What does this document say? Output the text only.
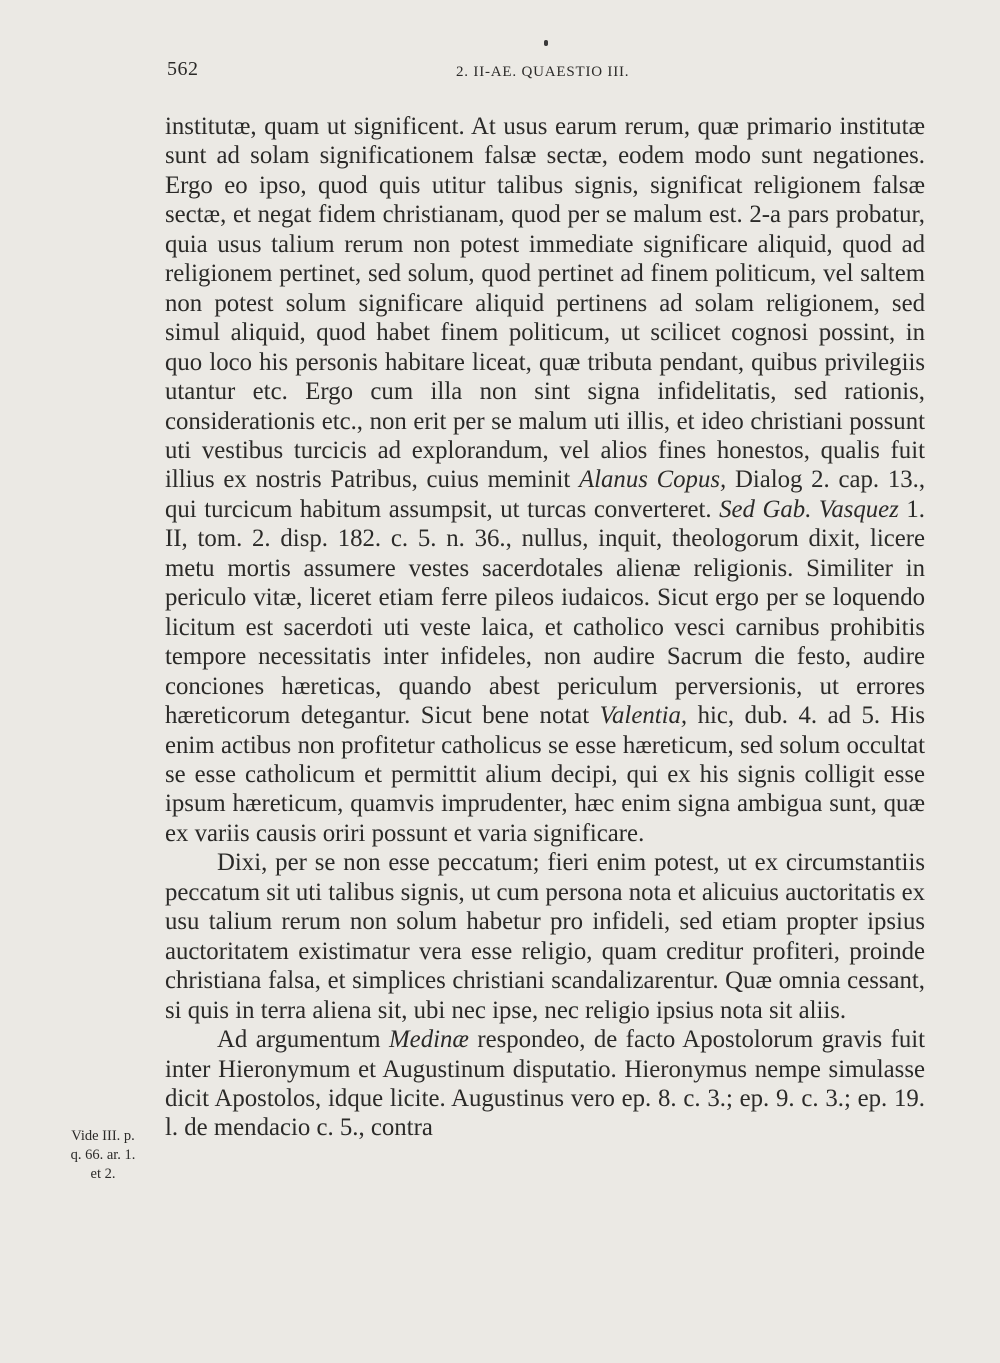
562	2. II-AE. QUAESTIO III.

institutæ, quam ut significent. At usus earum rerum, quæ primario institutæ sunt ad solam significationem falsæ sectæ, eodem modo sunt negationes. Ergo eo ipso, quod quis utitur talibus signis, significat religionem falsæ sectæ, et negat fidem christianam, quod per se malum est. 2-a pars probatur, quia usus talium rerum non potest immediate significare aliquid, quod ad religionem pertinet, sed solum, quod pertinet ad finem politicum, vel saltem non potest solum significare aliquid pertinens ad solam religionem, sed simul aliquid, quod habet finem politicum, ut scilicet cognosi possint, in quo loco his personis habitare liceat, quæ tributa pendant, quibus privilegiis utantur etc. Ergo cum illa non sint signa infidelitatis, sed rationis, considerationis etc., non erit per se malum uti illis, et ideo christiani possunt uti vestibus turcicis ad explorandum, vel alios fines honestos, qualis fuit illius ex nostris Patribus, cuius meminit Alanus Copus, Dialog 2. cap. 13., qui turcicum habitum assumpsit, ut turcas converteret. Sed Gab. Vasquez 1. II, tom. 2. disp. 182. c. 5. n. 36., nullus, inquit, theologorum dixit, licere metu mortis assumere vestes sacerdotales alienæ religionis. Similiter in periculo vitæ, liceret etiam ferre pileos iudaicos. Sicut ergo per se loquendo licitum est sacerdoti uti veste laica, et catholico vesci carnibus prohibitis tempore necessitatis inter infideles, non audire Sacrum die festo, audire conciones hæreticas, quando abest periculum perversionis, ut errores hæreticorum detegantur. Sicut bene notat Valentia, hic, dub. 4. ad 5. His enim actibus non profitetur catholicus se esse hæreticum, sed solum occultat se esse catholicum et permittit alium decipi, qui ex his signis colligit esse ipsum hæreticum, quamvis imprudenter, hæc enim signa ambigua sunt, quæ ex variis causis oriri possunt et varia significare.

Dixi, per se non esse peccatum; fieri enim potest, ut ex circumstantiis peccatum sit uti talibus signis, ut cum persona nota et alicuius auctoritatis ex usu talium rerum non solum habetur pro infideli, sed etiam propter ipsius auctoritatem existimatur vera esse religio, quam creditur profiteri, proinde christiana falsa, et simplices christiani scandalizarentur. Quæ omnia cessant, si quis in terra aliena sit, ubi nec ipse, nec religio ipsius nota sit aliis.

Ad argumentum Medinæ respondeo, de facto Apostolorum gravis fuit inter Hieronymum et Augustinum disputatio. Hieronymus nempe simulasse dicit Apostolos, idque licite. Augustinus vero ep. 8. c. 3.; ep. 9. c. 3.; ep. 19. l. de mendacio c. 5., contra

Vide III. p.
q. 66. ar. 1.
et 2.
